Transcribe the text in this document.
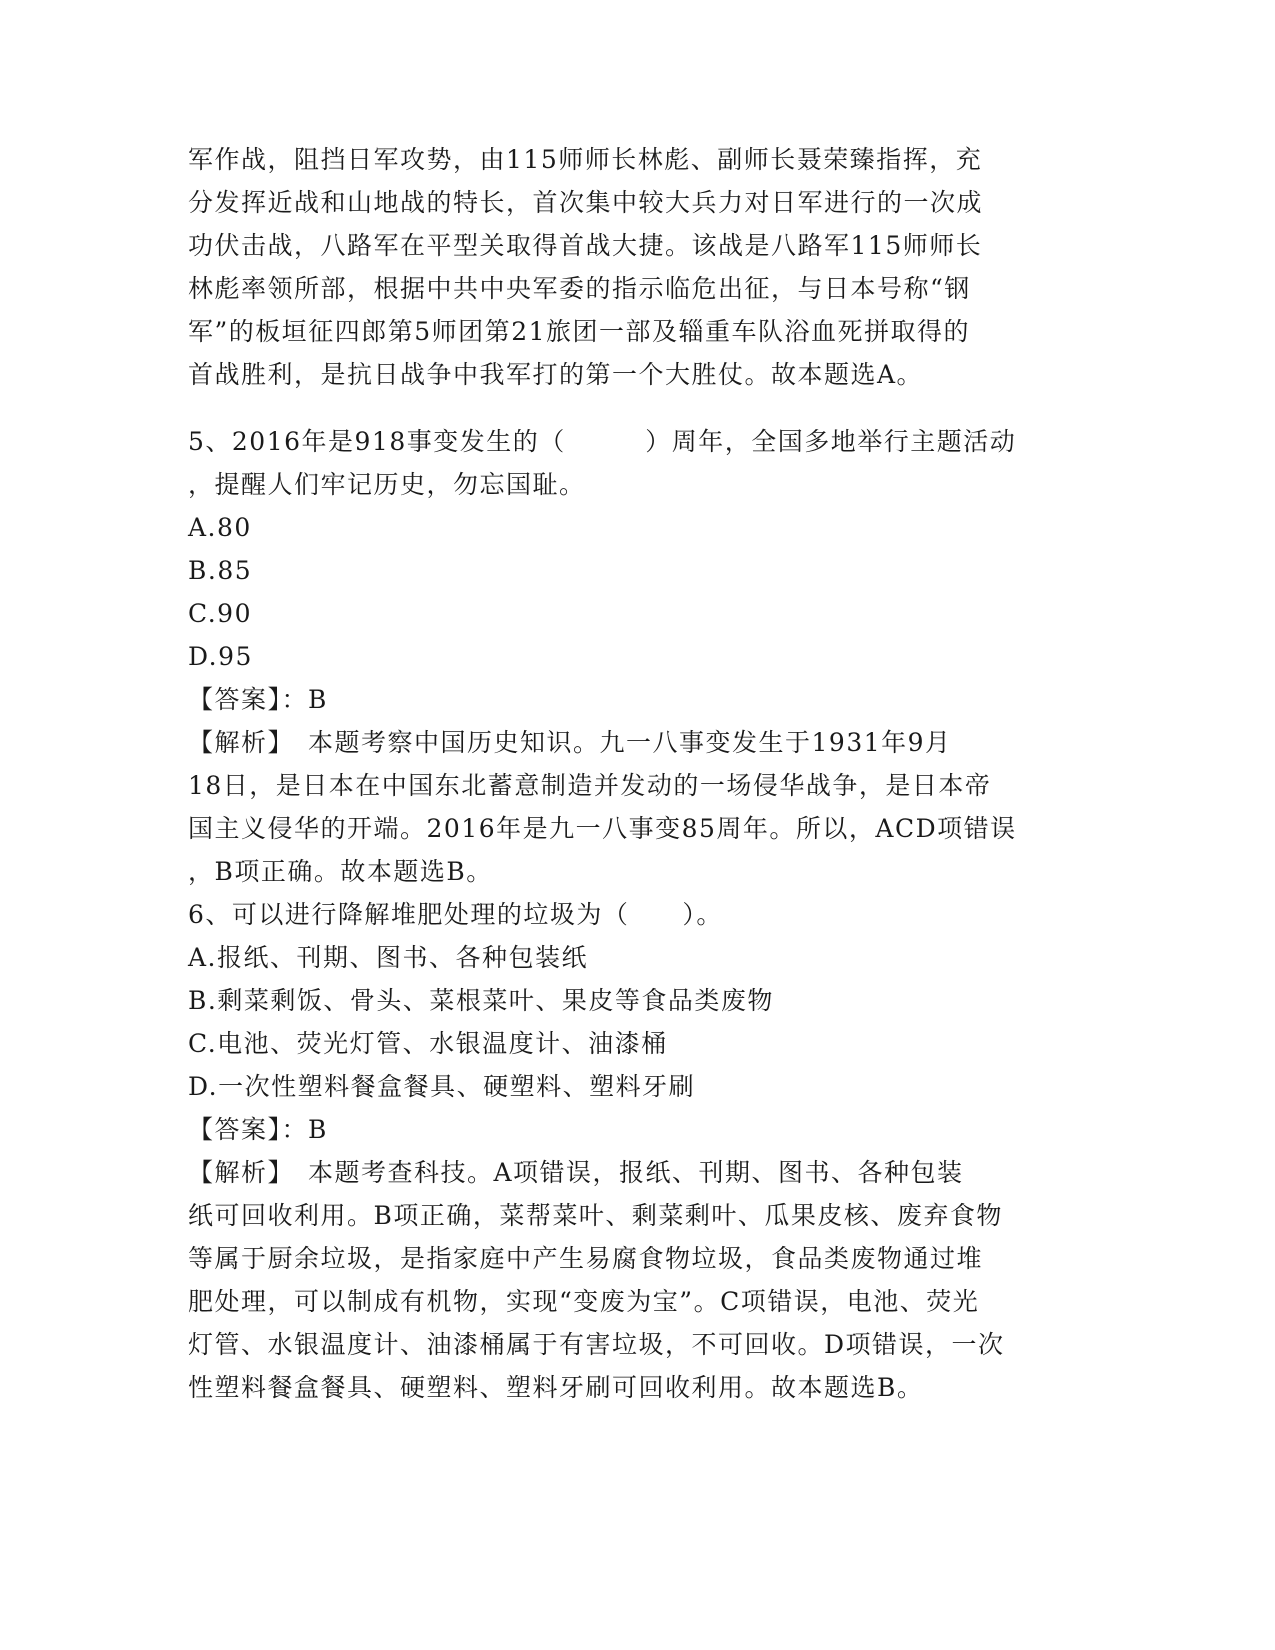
军作战，阻挡日军攻势，由115师师长林彪、副师长聂荣臻指挥，充
分发挥近战和山地战的特长，首次集中较大兵力对日军进行的一次成
功伏击战，八路军在平型关取得首战大捷。该战是八路军115师师长
林彪率领所部，根据中共中央军委的指示临危出征，与日本号称“钢
军”的板垣征四郎第5师团第21旅团一部及辎重车队浴血死拼取得的
首战胜利，是抗日战争中我军打的第一个大胜仗。故本题选A。
5、2016年是918事变发生的（　　　）周年，全国多地举行主题活动
，提醒人们牢记历史，勿忘国耻。
A.80
B.85
C.90
D.95
【答案】：B
【解析】　本题考察中国历史知识。九一八事变发生于1931年9月
18日，是日本在中国东北蓄意制造并发动的一场侵华战争，是日本帝
国主义侵华的开端。2016年是九一八事变85周年。所以，ACD项错误
，B项正确。故本题选B。
6、可以进行降解堆肥处理的垃圾为（　　）。
A.报纸、刊期、图书、各种包装纸
B.剩菜剩饭、骨头、菜根菜叶、果皮等食品类废物
C.电池、荧光灯管、水银温度计、油漆桶
D.一次性塑料餐盒餐具、硬塑料、塑料牙刷
【答案】：B
【解析】　本题考查科技。A项错误，报纸、刊期、图书、各种包装
纸可回收利用。B项正确，菜帮菜叶、剩菜剩叶、瓜果皮核、废弃食物
等属于厨余垃圾，是指家庭中产生易腐食物垃圾，食品类废物通过堆
肥处理，可以制成有机物，实现“变废为宝”。C项错误，电池、荧光
灯管、水银温度计、油漆桶属于有害垃圾，不可回收。D项错误，一次
性塑料餐盒餐具、硬塑料、塑料牙刷可回收利用。故本题选B。
